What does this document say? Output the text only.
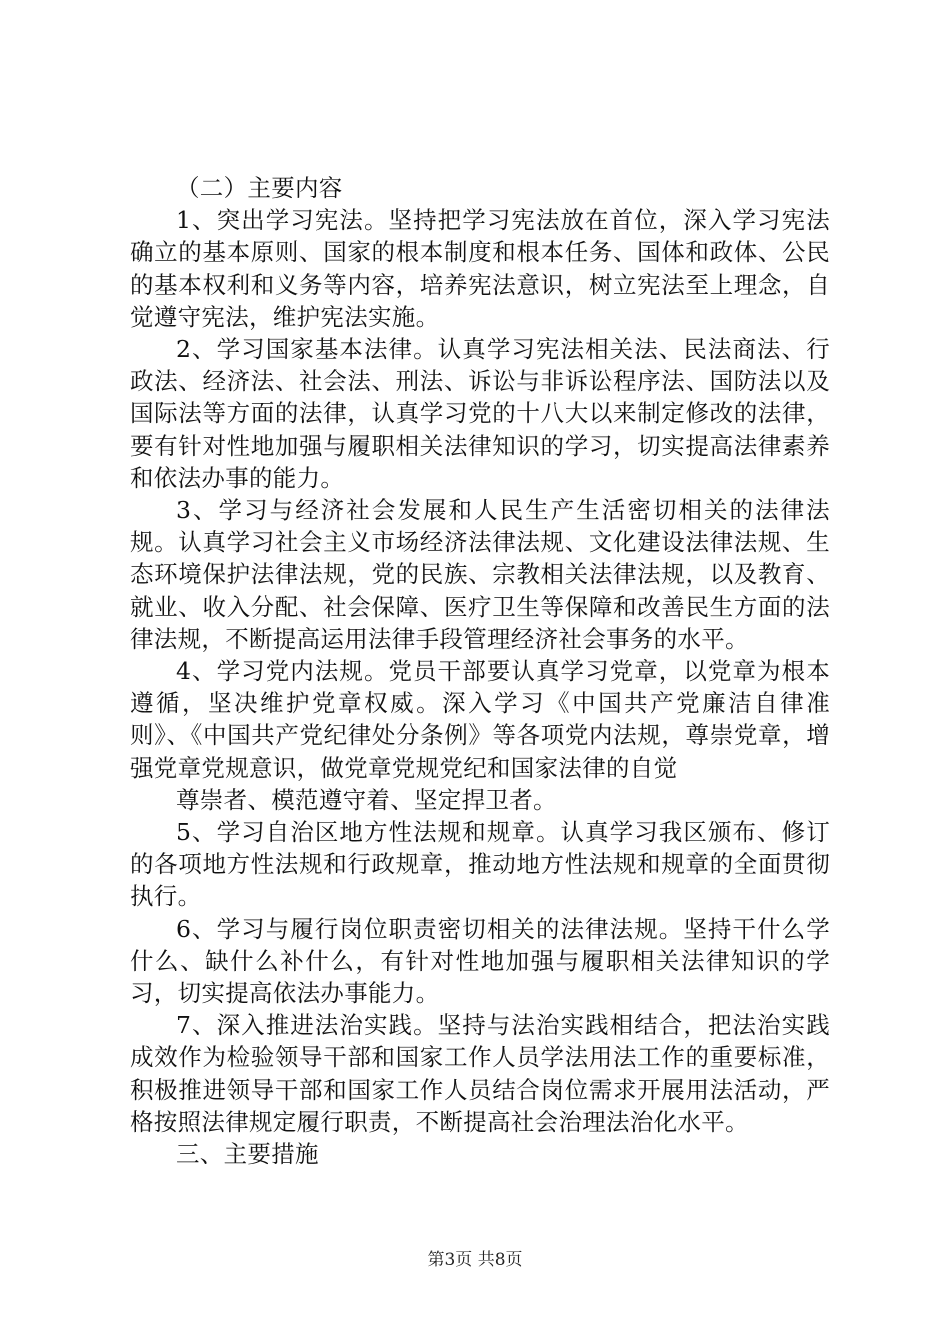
（二）主要内容

1、突出学习宪法。坚持把学习宪法放在首位，深入学习宪法确立的基本原则、国家的根本制度和根本任务、国体和政体、公民的基本权利和义务等内容，培养宪法意识，树立宪法至上理念，自觉遵守宪法，维护宪法实施。

2、学习国家基本法律。认真学习宪法相关法、民法商法、行政法、经济法、社会法、刑法、诉讼与非诉讼程序法、国防法以及国际法等方面的法律，认真学习党的十八大以来制定修改的法律，要有针对性地加强与履职相关法律知识的学习，切实提高法律素养和依法办事的能力。

3、学习与经济社会发展和人民生产生活密切相关的法律法规。认真学习社会主义市场经济法律法规、文化建设法律法规、生态环境保护法律法规，党的民族、宗教相关法律法规，以及教育、就业、收入分配、社会保障、医疗卫生等保障和改善民生方面的法律法规，不断提高运用法律手段管理经济社会事务的水平。

4、学习党内法规。党员干部要认真学习党章，以党章为根本遵循，坚决维护党章权威。深入学习《中国共产党廉洁自律准则》、《中国共产党纪律处分条例》等各项党内法规，尊崇党章，增强党章党规意识，做党章党规党纪和国家法律的自觉

尊崇者、模范遵守着、坚定捍卫者。

5、学习自治区地方性法规和规章。认真学习我区颁布、修订的各项地方性法规和行政规章，推动地方性法规和规章的全面贯彻执行。

6、学习与履行岗位职责密切相关的法律法规。坚持干什么学什么、缺什么补什么，有针对性地加强与履职相关法律知识的学习，切实提高依法办事能力。

7、深入推进法治实践。坚持与法治实践相结合，把法治实践成效作为检验领导干部和国家工作人员学法用法工作的重要标准，积极推进领导干部和国家工作人员结合岗位需求开展用法活动，严格按照法律规定履行职责，不断提高社会治理法治化水平。

三、主要措施

第3页 共8页
